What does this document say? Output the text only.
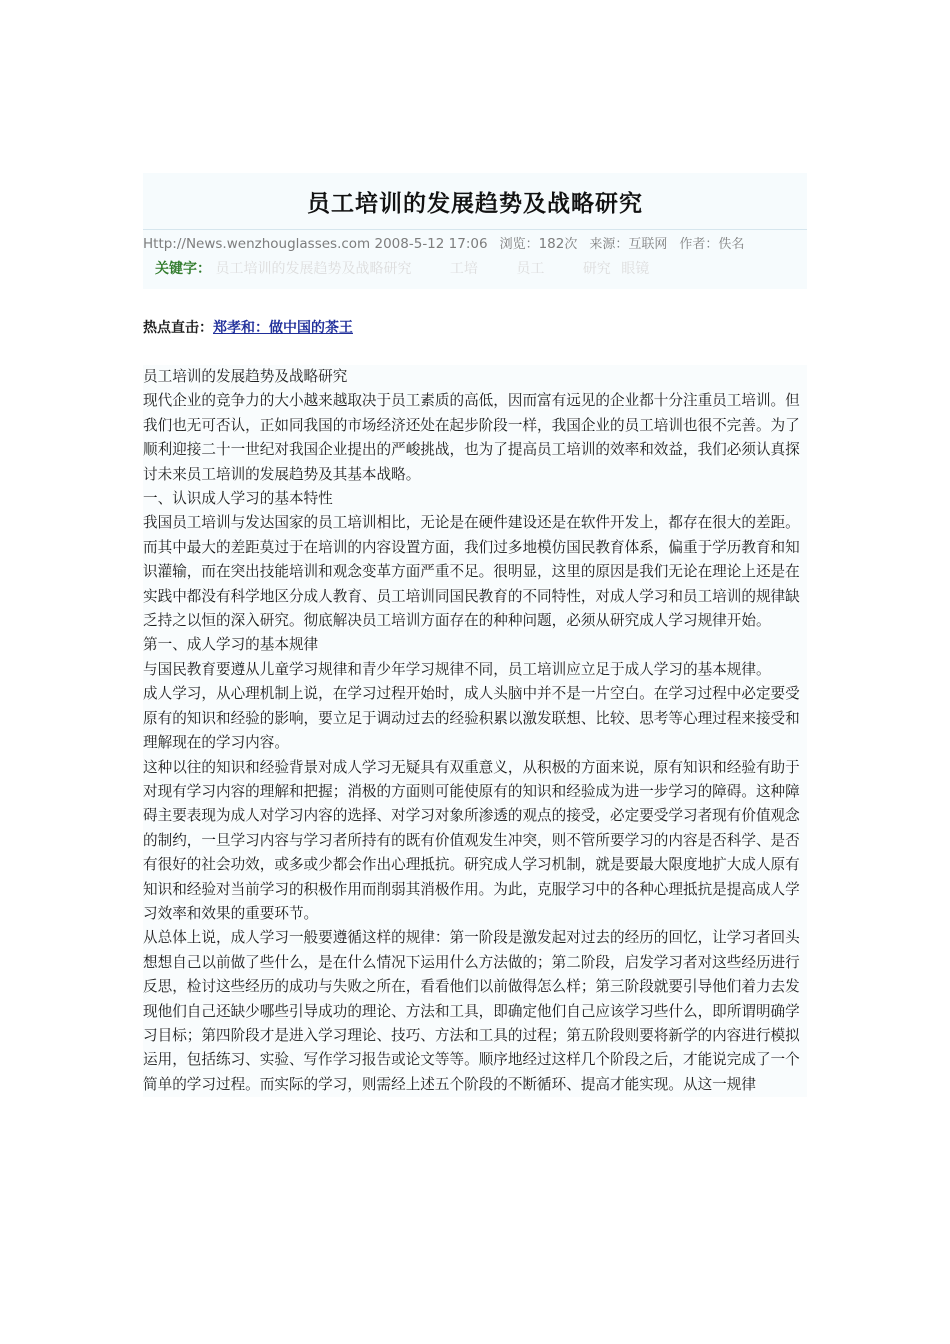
员工培训的发展趋势及战略研究
Http://News.wenzhouglasses.com 2008-5-12 17:06 浏览：182次 来源：互联网 作者：佚名
关键字： 员工培训的发展趋势及战略研究	工培	员工	研究 眼镜
热点直击：郑孝和：做中国的茶王

员工培训的发展趋势及战略研究

现代企业的竞争力的大小越来越取决于员工素质的高低，因而富有远见的企业都十分注重员工培训。但我们也无可否认，正如同我国的市场经济还处在起步阶段一样，我国企业的员工培训也很不完善。为了顺利迎接二十一世纪对我国企业提出的严峻挑战，也为了提高员工培训的效率和效益，我们必须认真探讨未来员工培训的发展趋势及其基本战略。

一、认识成人学习的基本特性

我国员工培训与发达国家的员工培训相比，无论是在硬件建设还是在软件开发上，都存在很大的差距。而其中最大的差距莫过于在培训的内容设置方面，我们过多地模仿国民教育体系，偏重于学历教育和知识灌输，而在突出技能培训和观念变革方面严重不足。很明显，这里的原因是我们无论在理论上还是在实践中都没有科学地区分成人教育、员工培训同国民教育的不同特性，对成人学习和员工培训的规律缺乏持之以恒的深入研究。彻底解决员工培训方面存在的种种问题，必须从研究成人学习规律开始。

第一、成人学习的基本规律

与国民教育要遵从儿童学习规律和青少年学习规律不同，员工培训应立足于成人学习的基本规律。

成人学习，从心理机制上说，在学习过程开始时，成人头脑中并不是一片空白。在学习过程中必定要受原有的知识和经验的影响，要立足于调动过去的经验积累以激发联想、比较、思考等心理过程来接受和理解现在的学习内容。

这种以往的知识和经验背景对成人学习无疑具有双重意义，从积极的方面来说，原有知识和经验有助于对现有学习内容的理解和把握；消极的方面则可能使原有的知识和经验成为进一步学习的障碍。这种障碍主要表现为成人对学习内容的选择、对学习对象所渗透的观点的接受，必定要受学习者现有价值观念的制约，一旦学习内容与学习者所持有的既有价值观发生冲突，则不管所要学习的内容是否科学、是否有很好的社会功效，或多或少都会作出心理抵抗。研究成人学习机制，就是要最大限度地扩大成人原有知识和经验对当前学习的积极作用而削弱其消极作用。为此，克服学习中的各种心理抵抗是提高成人学习效率和效果的重要环节。

从总体上说，成人学习一般要遵循这样的规律：第一阶段是激发起对过去的经历的回忆，让学习者回头想想自己以前做了些什么，是在什么情况下运用什么方法做的；第二阶段，启发学习者对这些经历进行反思，检讨这些经历的成功与失败之所在，看看他们以前做得怎么样；第三阶段就要引导他们着力去发现他们自己还缺少哪些引导成功的理论、方法和工具，即确定他们自己应该学习些什么，即所谓明确学习目标；第四阶段才是进入学习理论、技巧、方法和工具的过程；第五阶段则要将新学的内容进行模拟运用，包括练习、实验、写作学习报告或论文等等。顺序地经过这样几个阶段之后，才能说完成了一个简单的学习过程。而实际的学习，则需经上述五个阶段的不断循环、提高才能实现。从这一规律
